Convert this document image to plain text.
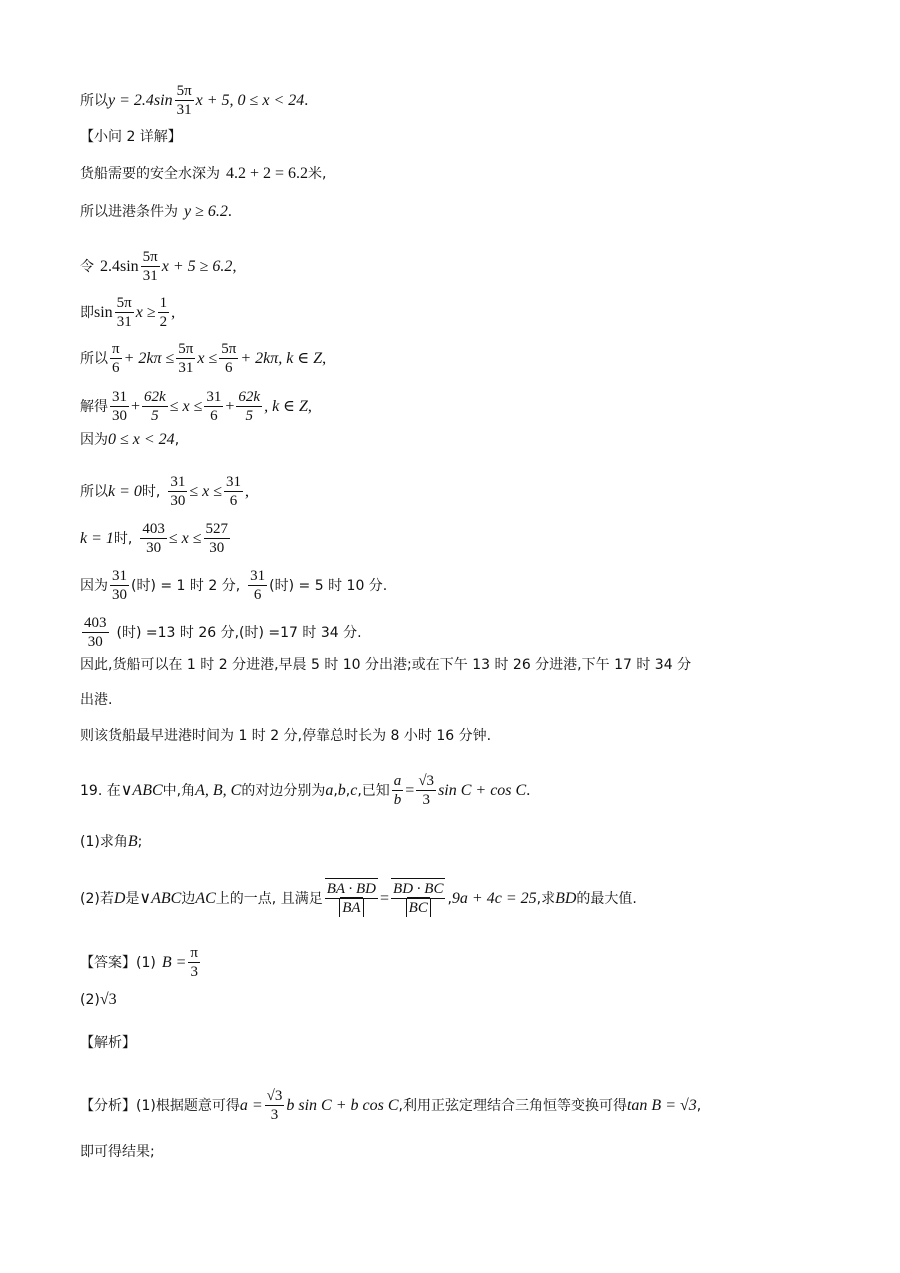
所以 $y = 2.4\sin \frac{5\pi}{31}$ x + 5, 0 ≤ x < 24 .
【小问 2 详解】
货船需要的安全水深为 4.2 + 2 = 6.2 米,
所以进港条件为 y ≥ 6.2 .
令 $2.4\sin \frac{5\pi}{31}$ x + 5 ≥ 6.2 ,
即 $\sin \frac{5\pi}{31}$ $x \ge \frac{1}{2}$ ,
所以 $\frac{\pi}{6} + 2k\pi \le \frac{5\pi}{31}$ $x \le \frac{5\pi}{6} + 2k\pi$, k ∈ Z ,
解得 $\frac{31}{30} + \frac{62k}{5} \le x \le \frac{31}{6} + \frac{62k}{5}$ , k ∈ Z ,
因为 0 ≤ x < 24 ,
所以 k = 0 时, $\frac{31}{30} \le x \le \frac{31}{6}$ ,
k = 1 时, $\frac{403}{30} \le x \le \frac{527}{30}$
因为 $\frac{31}{30}$ (时) = 1 时 2 分, $\frac{31}{6}$ (时) = 5 时 10 分.
$\frac{403}{30}$ (时) =13 时 26 分,(时) =17 时 34 分.
因此,货船可以在 1 时 2 分进港,早晨 5 时 10 分出港;或在下午 13 时 26 分进港,下午 17 时 34 分
出港.
则该货船最早进港时间为 1 时 2 分,停靠总时长为 8 小时 16 分钟.
19. 在 ∨ABC 中,角 A, B, C 的对边分别为 a , b , c ,已知 $\frac{a}{b} = \frac{√3}{3}$ sin C + cos C .
(1)求角 B ;
(2)若 D 是 ∨ABC 边 AC 上的一点, 且满足 $\frac{BA \cdot BD}{BA} = \frac{BD \cdot BC}{BC}$ , 9a + 4c = 25 ,求 BD 的最大值.
【答案】 (1) $B = \frac{\pi}{3}$
(2) √3
【解析】
【分析】 (1)根据题意可得 $a = \frac{√3}{3}$ b sin C + b cos C ,利用正弦定理结合三角恒等变换可得 tan B = √3 ,
即可得结果;
